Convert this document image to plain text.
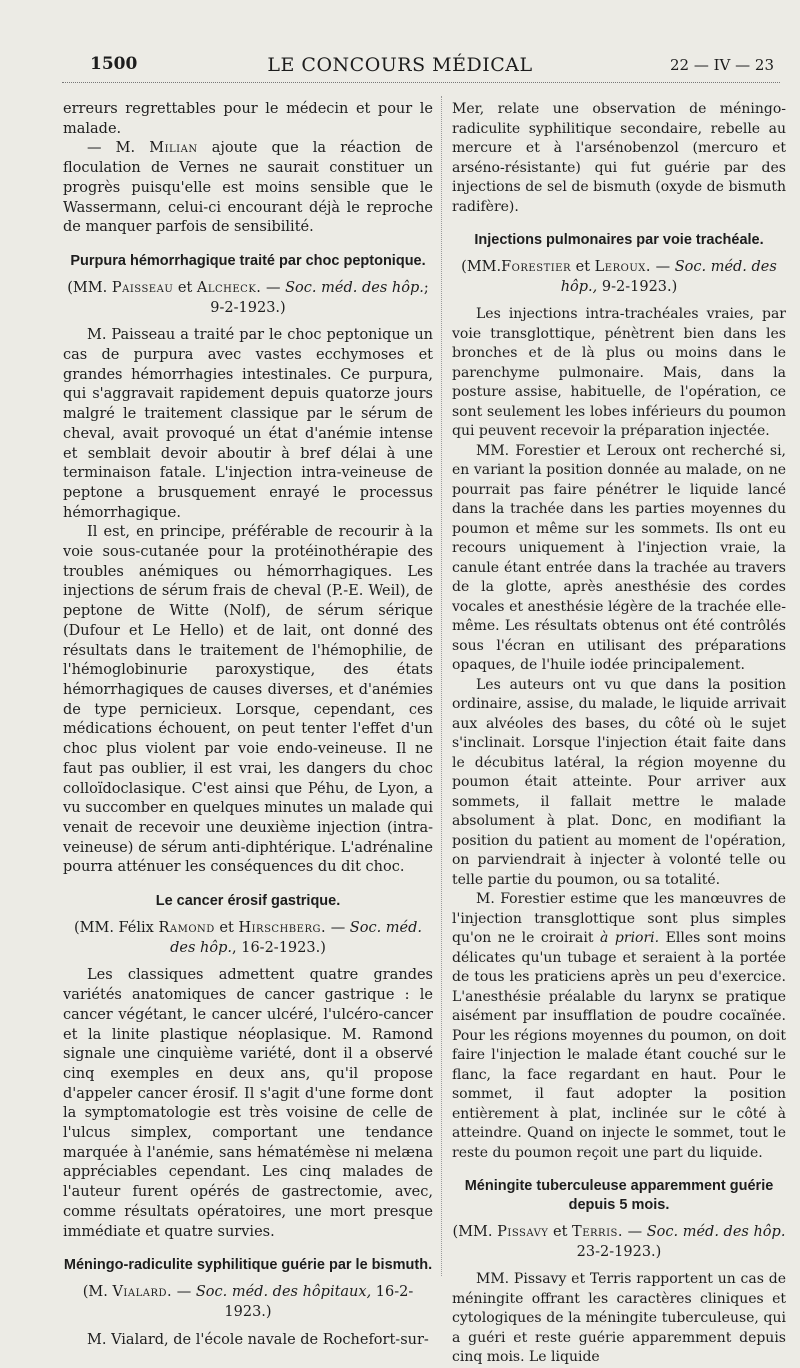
1500	LE CONCOURS MÉDICAL	22 — IV — 23

erreurs regrettables pour le médecin et pour le malade.

— M. Milian ajoute que la réaction de floculation de Vernes ne saurait constituer un progrès puisqu'elle est moins sensible que le Wassermann, celui-ci encourant déjà le reproche de manquer parfois de sensibilité.

Purpura hémorrhagique traité par choc peptonique.
(MM. Paisseau et Alcheck. — Soc. méd. des hôp.; 9-2-1923.)

M. Paisseau a traité par le choc peptonique un cas de purpura avec vastes ecchymoses et grandes hémorrhagies intestinales. Ce purpura, qui s'aggravait rapidement depuis quatorze jours malgré le traitement classique par le sérum de cheval, avait provoqué un état d'anémie intense et semblait devoir aboutir à bref délai à une terminaison fatale. L'injection intra-veineuse de peptone a brusquement enrayé le processus hémorrhagique.

Il est, en principe, préférable de recourir à la voie sous-cutanée pour la protéinothérapie des troubles anémiques ou hémorrhagiques. Les injections de sérum frais de cheval (P.-E. Weil), de peptone de Witte (Nolf), de sérum sérique (Dufour et Le Hello) et de lait, ont donné des résultats dans le traitement de l'hémophilie, de l'hémoglobinurie paroxystique, des états hémorrhagiques de causes diverses, et d'anémies de type pernicieux. Lorsque, cependant, ces médications échouent, on peut tenter l'effet d'un choc plus violent par voie endo-veineuse. Il ne faut pas oublier, il est vrai, les dangers du choc colloïdoclasique. C'est ainsi que Péhu, de Lyon, a vu succomber en quelques minutes un malade qui venait de recevoir une deuxième injection (intra-veineuse) de sérum anti-diphtérique. L'adrénaline pourra atténuer les conséquences du dit choc.

Le cancer érosif gastrique.
(MM. Félix Ramond et Hirschberg. — Soc. méd. des hôp., 16-2-1923.)

Les classiques admettent quatre grandes variétés anatomiques de cancer gastrique : le cancer végétant, le cancer ulcéré, l'ulcéro-cancer et la linite plastique néoplasique. M. Ramond signale une cinquième variété, dont il a observé cinq exemples en deux ans, qu'il propose d'appeler cancer érosif. Il s'agit d'une forme dont la symptomatologie est très voisine de celle de l'ulcus simplex, comportant une tendance marquée à l'anémie, sans hématémèse ni melæna appréciables cependant. Les cinq malades de l'auteur furent opérés de gastrectomie, avec, comme résultats opératoires, une mort presque immédiate et quatre survies.

Méningo-radiculite syphilitique guérie par le bismuth.
(M. Vialard. — Soc. méd. des hôpitaux, 16-2-1923.)

M. Vialard, de l'école navale de Rochefort-sur-

Mer, relate une observation de méningo-radiculite syphilitique secondaire, rebelle au mercure et à l'arsénobenzol (mercuro et arséno-résistante) qui fut guérie par des injections de sel de bismuth (oxyde de bismuth radifère).

Injections pulmonaires par voie trachéale.
(MM.Forestier et Leroux. — Soc. méd. des hôp., 9-2-1923.)

Les injections intra-trachéales vraies, par voie transglottique, pénètrent bien dans les bronches et de là plus ou moins dans le parenchyme pulmonaire. Mais, dans la posture assise, habituelle, de l'opération, ce sont seulement les lobes inférieurs du poumon qui peuvent recevoir la préparation injectée.

MM. Forestier et Leroux ont recherché si, en variant la position donnée au malade, on ne pourrait pas faire pénétrer le liquide lancé dans la trachée dans les parties moyennes du poumon et même sur les sommets. Ils ont eu recours uniquement à l'injection vraie, la canule étant entrée dans la trachée au travers de la glotte, après anesthésie des cordes vocales et anesthésie légère de la trachée elle-même. Les résultats obtenus ont été contrôlés sous l'écran en utilisant des préparations opaques, de l'huile iodée principalement.

Les auteurs ont vu que dans la position ordinaire, assise, du malade, le liquide arrivait aux alvéoles des bases, du côté où le sujet s'inclinait. Lorsque l'injection était faite dans le décubitus latéral, la région moyenne du poumon était atteinte. Pour arriver aux sommets, il fallait mettre le malade absolument à plat. Donc, en modifiant la position du patient au moment de l'opération, on parviendrait à injecter à volonté telle ou telle partie du poumon, ou sa totalité.

M. Forestier estime que les manœuvres de l'injection transglottique sont plus simples qu'on ne le croirait à priori. Elles sont moins délicates qu'un tubage et seraient à la portée de tous les praticiens après un peu d'exercice. L'anesthésie préalable du larynx se pratique aisément par insufflation de poudre cocaïnée. Pour les régions moyennes du poumon, on doit faire l'injection le malade étant couché sur le flanc, la face regardant en haut. Pour le sommet, il faut adopter la position entièrement à plat, inclinée sur le côté à atteindre. Quand on injecte le sommet, tout le reste du poumon reçoit une part du liquide.

Méningite tuberculeuse apparemment guérie depuis 5 mois.
(MM. Pissavy et Terris. — Soc. méd. des hôp. 23-2-1923.)

MM. Pissavy et Terris rapportent un cas de méningite offrant les caractères cliniques et cytologiques de la méningite tuberculeuse, qui a guéri et reste guérie apparemment depuis cinq mois. Le liquide
